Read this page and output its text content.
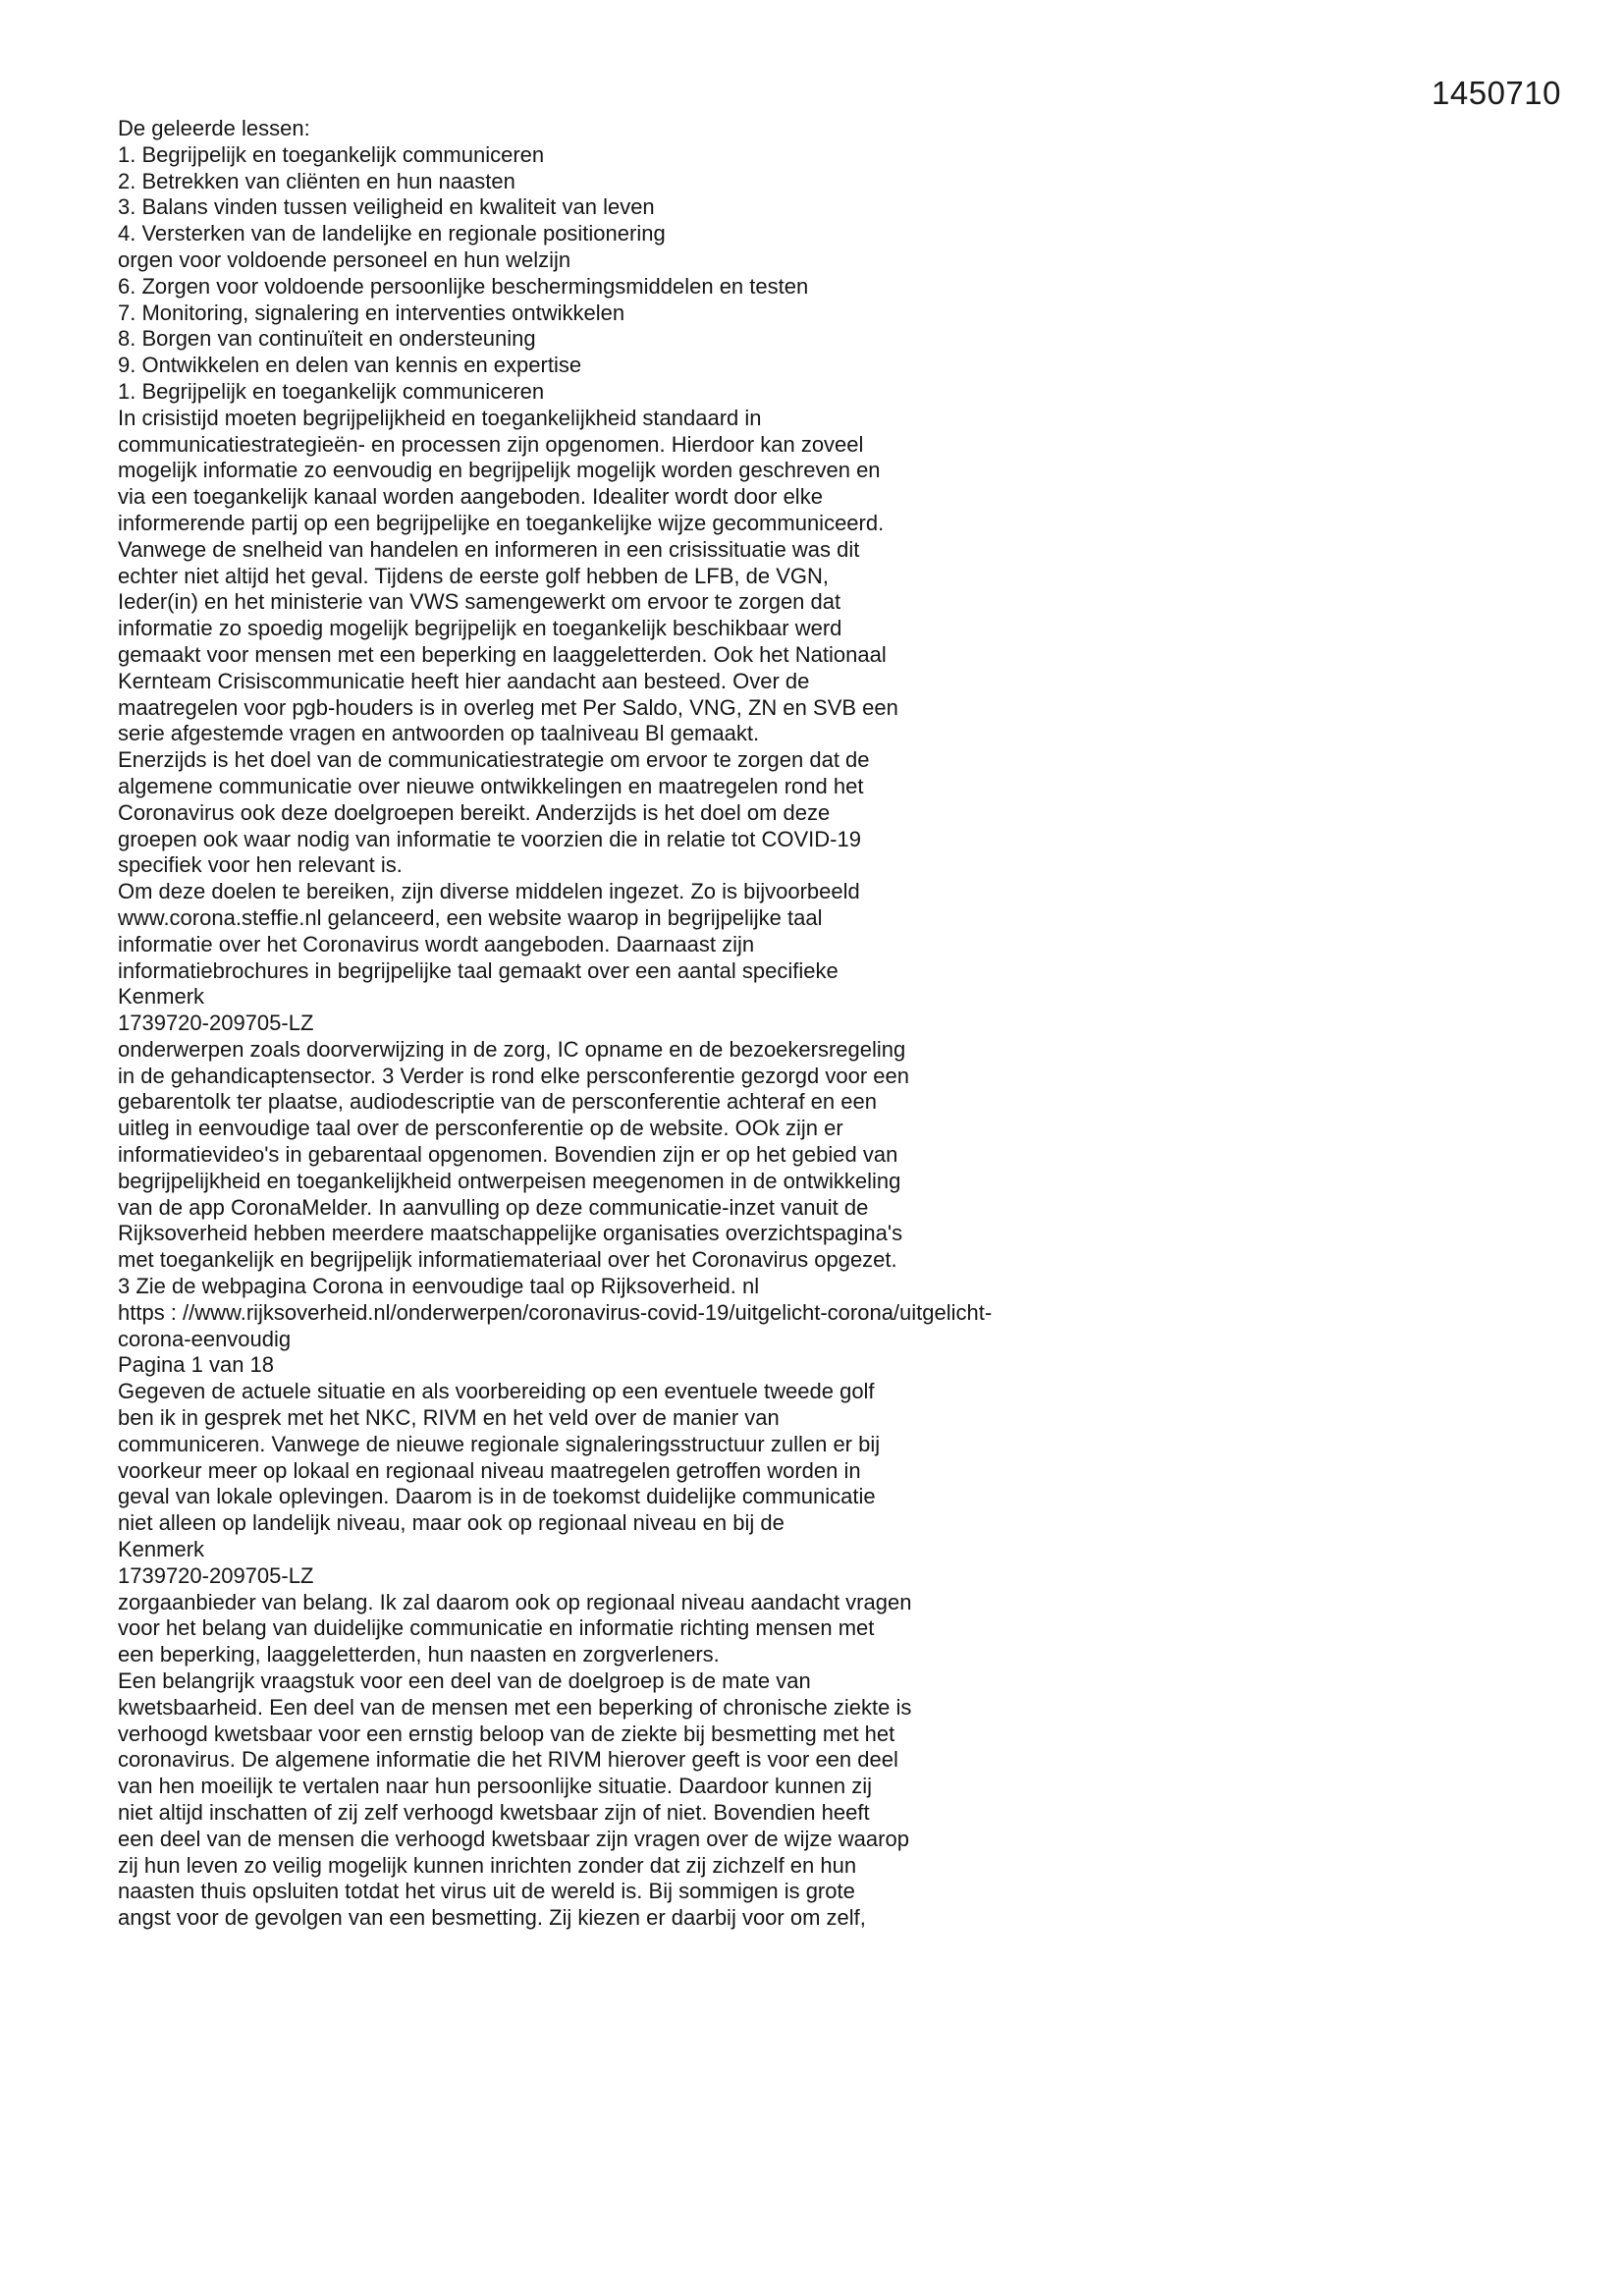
1450710
De geleerde lessen:
1. Begrijpelijk en toegankelijk communiceren
2. Betrekken van cliënten en hun naasten
3. Balans vinden tussen veiligheid en kwaliteit van leven
4. Versterken van de landelijke en regionale positionering
orgen voor voldoende personeel en hun welzijn
6. Zorgen voor voldoende persoonlijke beschermingsmiddelen en testen
7. Monitoring, signalering en interventies ontwikkelen
8. Borgen van continuïteit en ondersteuning
9. Ontwikkelen en delen van kennis en expertise
1. Begrijpelijk en toegankelijk communiceren
In crisistijd moeten begrijpelijkheid en toegankelijkheid standaard in
communicatiestrategieën- en processen zijn opgenomen. Hierdoor kan zoveel
mogelijk informatie zo eenvoudig en begrijpelijk mogelijk worden geschreven en
via een toegankelijk kanaal worden aangeboden. Idealiter wordt door elke
informerende partij op een begrijpelijke en toegankelijke wijze gecommuniceerd.
Vanwege de snelheid van handelen en informeren in een crisissituatie was dit
echter niet altijd het geval. Tijdens de eerste golf hebben de LFB, de VGN,
Ieder(in) en het ministerie van VWS samengewerkt om ervoor te zorgen dat
informatie zo spoedig mogelijk begrijpelijk en toegankelijk beschikbaar werd
gemaakt voor mensen met een beperking en laaggeletterden. Ook het Nationaal
Kernteam Crisiscommunicatie heeft hier aandacht aan besteed. Over de
maatregelen voor pgb-houders is in overleg met Per Saldo, VNG, ZN en SVB een
serie afgestemde vragen en antwoorden op taalniveau Bl gemaakt.
Enerzijds is het doel van de communicatiestrategie om ervoor te zorgen dat de
algemene communicatie over nieuwe ontwikkelingen en maatregelen rond het
Coronavirus ook deze doelgroepen bereikt. Anderzijds is het doel om deze
groepen ook waar nodig van informatie te voorzien die in relatie tot COVID-19
specifiek voor hen relevant is.
Om deze doelen te bereiken, zijn diverse middelen ingezet. Zo is bijvoorbeeld
www.corona.steffie.nl gelanceerd, een website waarop in begrijpelijke taal
informatie over het Coronavirus wordt aangeboden. Daarnaast zijn
informatiebrochures in begrijpelijke taal gemaakt over een aantal specifieke
Kenmerk
1739720-209705-LZ
onderwerpen zoals doorverwijzing in de zorg, IC opname en de bezoekersregeling
in de gehandicaptensector. 3 Verder is rond elke persconferentie gezorgd voor een
gebarentolk ter plaatse, audiodescriptie van de persconferentie achteraf en een
uitleg in eenvoudige taal over de persconferentie op de website. OOk zijn er
informatievideo's in gebarentaal opgenomen. Bovendien zijn er op het gebied van
begrijpelijkheid en toegankelijkheid ontwerpeisen meegenomen in de ontwikkeling
van de app CoronaMelder. In aanvulling op deze communicatie-inzet vanuit de
Rijksoverheid hebben meerdere maatschappelijke organisaties overzichtspagina's
met toegankelijk en begrijpelijk informatiemateriaal over het Coronavirus opgezet.
3 Zie de webpagina Corona in eenvoudige taal op Rijksoverheid. nl
https : //www.rijksoverheid.nl/onderwerpen/coronavirus-covid-19/uitgelicht-corona/uitgelicht-
corona-eenvoudig
Pagina 1 van 18
Gegeven de actuele situatie en als voorbereiding op een eventuele tweede golf
ben ik in gesprek met het NKC, RIVM en het veld over de manier van
communiceren. Vanwege de nieuwe regionale signaleringsstructuur zullen er bij
voorkeur meer op lokaal en regionaal niveau maatregelen getroffen worden in
geval van lokale oplevingen. Daarom is in de toekomst duidelijke communicatie
niet alleen op landelijk niveau, maar ook op regionaal niveau en bij de
Kenmerk
1739720-209705-LZ
zorgaanbieder van belang. Ik zal daarom ook op regionaal niveau aandacht vragen
voor het belang van duidelijke communicatie en informatie richting mensen met
een beperking, laaggeletterden, hun naasten en zorgverleners.
Een belangrijk vraagstuk voor een deel van de doelgroep is de mate van
kwetsbaarheid. Een deel van de mensen met een beperking of chronische ziekte is
verhoogd kwetsbaar voor een ernstig beloop van de ziekte bij besmetting met het
coronavirus. De algemene informatie die het RIVM hierover geeft is voor een deel
van hen moeilijk te vertalen naar hun persoonlijke situatie. Daardoor kunnen zij
niet altijd inschatten of zij zelf verhoogd kwetsbaar zijn of niet. Bovendien heeft
een deel van de mensen die verhoogd kwetsbaar zijn vragen over de wijze waarop
zij hun leven zo veilig mogelijk kunnen inrichten zonder dat zij zichzelf en hun
naasten thuis opsluiten totdat het virus uit de wereld is. Bij sommigen is grote
angst voor de gevolgen van een besmetting. Zij kiezen er daarbij voor om zelf,
